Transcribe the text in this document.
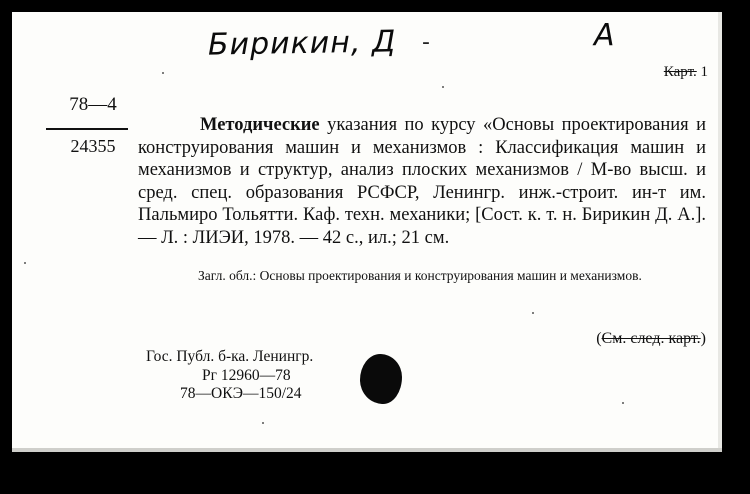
Бирикин, Д -	А
Карт. 1
78—4
24355
Методические указания по курсу «Основы проектирования и конструирования машин и механизмов : Классификация машин и механизмов и структур, анализ плоских механизмов / М-во высш. и сред. спец. образования РСФСР, Ленингр. инж.-строит. ин-т им. Пальмиро Тольятти. Каф. техн. механики; [Сост. к. т. н. Бирикин Д. А.]. — Л. : ЛИЭИ, 1978. — 42 с., ил.; 21 см.
Загл. обл.: Основы проектирования и конструирования машин и механизмов.
(См. след. карт.)
Гос. Публ. б-ка. Ленингр.
Рг 12960—78
78—ОКЭ—150/24
